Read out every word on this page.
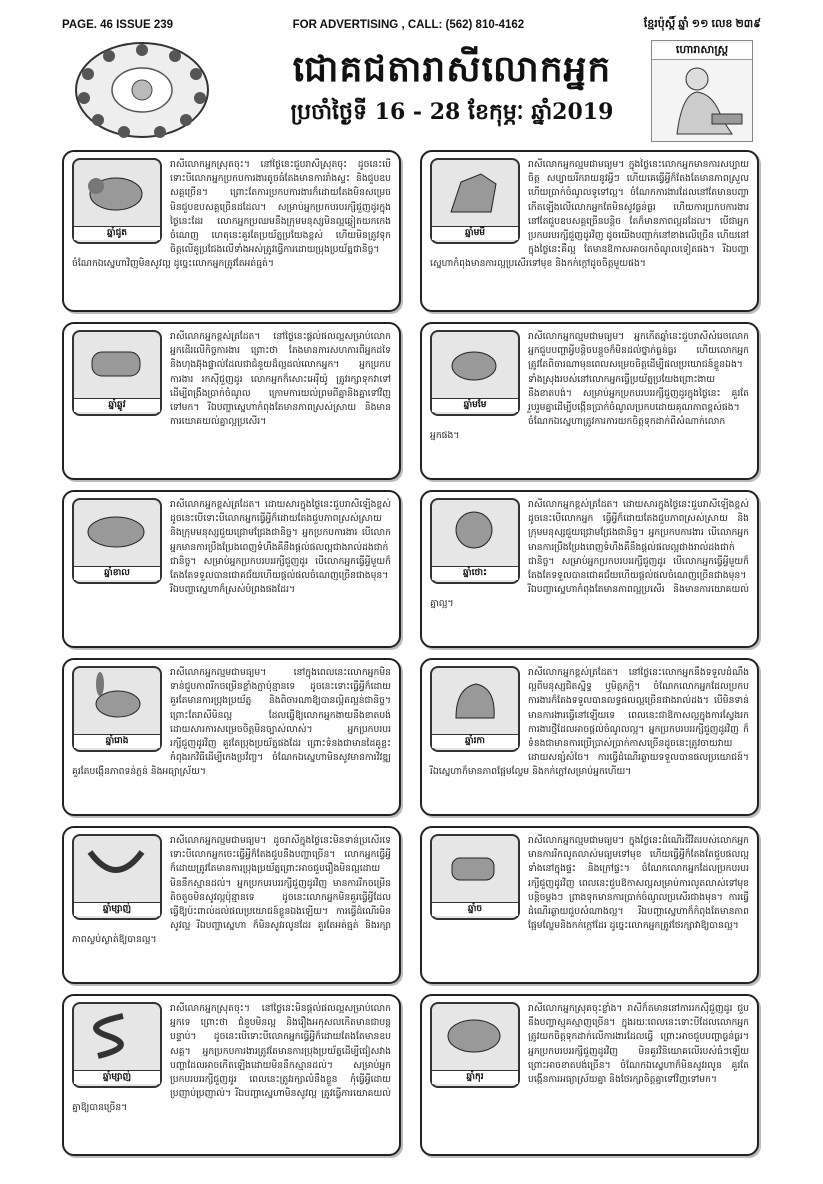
PAGE. 46 ISSUE 239	FOR ADVERTISING , CALL: (562) 810-4162	ខ្មែរប៉ុស្តិ៍ ឆ្នាំ ១១ លេខ ២៣៩
ជោគជតារាសីលោកអ្នក
ប្រចាំថ្ងៃទី 16 - 28 ខែកុម្ភៈ ឆ្នាំ2019
ហោរាសាស្ត្រ
ឆ្នាំជូត
រាសីលោកអ្នកស្រុតចុះ។ នៅថ្ងៃនេះជួបរាសីស្រុតចុះ ដូចនេះបើទោះបីលោកអ្នកប្រកបការងារតូចធំតែងមានការរាំងស្ទះ និងជួបឧបសគ្គច្រើន។ ព្រោះតែការប្រកបការងារក៏ដោយតែងមិនសម្រេច មិនជួបឧបសគ្គច្រើនដដែល។ សម្រាប់អ្នកប្រកបរបរក្សីជួញដូរក្នុងថ្ងៃនេះដែរ លោកអ្នកប្រឈមនឹងក្រុមមនុស្សមិនល្អឆ្លៀតយកកេងចំណេញ ហេតុនេះគួរតែប្រយ័ត្នប្រយែងខ្ពស់ ហើយមិនត្រូវទុកចិត្តលើគូប្រជែងលើទាំងអស់ត្រូវធ្វើការដោយប្រុងប្រយ័ត្នជានិច្ច។ ចំណែកឯស្នេហាវិញមិនសូវល្អ ដូច្នេះលោកអ្នកត្រូវតែអត់ធ្មត់។
ឆ្នាំមមី
រាសីលោកអ្នកល្មមជាមធ្យម។ ក្នុងថ្ងៃនេះលោកអ្នកមានការសប្បាយចិត្ត សប្បាយរីករាយនូវអ្វីៗ ហើយគេធ្វើអ្វីក៏តែងតែមានភាពស្រួលហើយប្រាក់ចំណូលទូទៅល្អ។ ចំណែកការងារដែលនៅតែមានបញ្ហាកើតឡើងលើលោកអ្នកតែមិនសូវធ្ងន់ធ្ងរ ហើយការប្រកបការងារនៅតែជួបឧបសគ្គច្រើនបន្តិច តែក៏មានភាពល្អដដែល។ បើជាអ្នកប្រកបរបរក្សីជួញដូរវិញ ដូចយើងបញ្ជាក់នៅខាងលើច្រើន ហើយនៅក្នុងថ្ងៃនេះគឺល្អ តែមានឱកាសអាចរកចំណូលទៀតផង។ រីឯបញ្ហាស្នេហាកំពុងមានការល្អប្រសើរទៅមុខ និងកក់ក្តៅដូចចិត្តមួយផង។
ឆ្នាំឆ្លូវ
រាសីលោកអ្នកខ្ពស់ត្រដែត។ នៅថ្ងៃនេះផ្តល់ផលល្អសម្រាប់លោកអ្នកដើរលើកិច្ចការងារ ព្រោះថា តែងមានការសហការពីអ្នកដទៃ និងហុងឆ៊ុងផ្ទាល់ដែលជាជំនួយដ៏ល្អដល់លោកអ្នក។ អ្នកប្រកបការងារ រកស៊ីជួញដូរ លោកអ្នកក៏សោះអេរ៉ីយ៉ូ ត្រូវរក្សាទុកវាទៅដើម្បីពង្រឹងប្រាក់ចំណូល ក្រោមការយល់ព្រមពីគ្នានិងគ្នាទៅវិញទៅមក។ រីឯបញ្ហាស្នេហាកំពុងតែមានភាពស្រស់ស្រាយ និងមានការយោគយល់គ្នាល្អប្រសើរ។
ឆ្នាំមមែ
រាសីលោកអ្នកល្មមជាមធ្យម។ អ្នកកើតឆ្នាំនេះជួបរាសីសំរេចលោកអ្នកជួបបញ្ហាអ្វីបន្តិចបន្តួចក៏មិនដល់ថ្នាក់ធ្ងន់ធ្ងរ ហើយលោកអ្នកត្រូវតែពិចារណាមុនពេលសម្រេចចិត្តដើម្បីផលប្រយោជន៍ខ្លួនឯង។ ទាំងស្រុងរបស់នៅលោកអ្នកធ្វើប្រយ័ត្នប្រយែងព្រោះងាយនឹងខាតបង់។ សម្រាប់អ្នកប្រកបរបររក្សីជួញដូរក្នុងថ្ងៃនេះ គួរតែរួបរួមគ្នាដើម្បីបង្កើនប្រាក់ចំណូលប្រកបដោយគុណភាពខ្ពស់ផង។ ចំណែកឯស្នេហាត្រូវការការយកចិត្តទុកដាក់ពីសំណាក់លោកអ្នកផង។
ឆ្នាំខាល
រាសីលោកអ្នកខ្ពស់ត្រដែត។ ដោយសារក្នុងថ្ងៃនេះជួបរាសីឡើងខ្ពស់ ដូចនេះបើទោះបីលោកអ្នកធ្វើអ្វីក៏ដោយតែងជួបភាពស្រស់ស្រាយ និងក្រុមមនុស្សជួយជ្រោមជ្រែងជានិច្ច។ អ្នកប្រកបការងារ បើលោកអ្នកមានការប្រឹងប្រែងពេញទំហឹងគឺនឹងផ្តល់ផលល្អជាងរាល់ដងជាក់ជានិច្ច។ សម្រាប់អ្នកប្រកបរបររក្សីជួញដូរ បើលោកអ្នកធ្វើអ្វីមួយក៏តែងតែទទួលបានជោគជ័យហើយផ្តល់ផលចំណេញច្រើនជាងមុន។ រីឯបញ្ហាស្នេហាក៏ស្រស់បំព្រងផងដែរ។
ឆ្នាំថោះ
រាសីលោកអ្នកខ្ពស់ត្រដែត។ ដោយសារក្នុងថ្ងៃនេះជួបរាសីឡើងខ្ពស់ដូចនេះបើលោកអ្នក ធ្វើអ្វីក៏ដោយតែងជួបភាពស្រស់ស្រាយ និងក្រុមមនុស្សជួយជ្រោមជ្រែងជានិច្ច។ អ្នកប្រកបការងារ បើលោកអ្នកមានការប្រឹងប្រែងពេញទំហឹងគឺនឹងផ្តល់ផលល្អជាងរាល់ដងជាក់ជានិច្ច។ សម្រាប់អ្នកប្រកបរបររក្សីជួញដូរ បើលោកអ្នកធ្វើអ្វីមួយក៏តែងតែទទួលបានជោគជ័យហើយផ្តល់ផលចំណេញច្រើនជាងមុន។ រីឯបញ្ហាស្នេហាកំពុងតែមានភាពល្អប្រសើរ និងមានការយោគយល់គ្នាល្អ។
ឆ្នាំរោង
រាសីលោកអ្នកល្មមជាមធ្យម។ នៅក្នុងពេលនេះលោកអ្នកមិនទាន់ជួបភាពរីកចម្រើនខ្លាំងក្លាប៉ុន្មានទេ ដូចនេះទោះធ្វើអ្វីក៏ដោយ គួរតែមានការប្រុងប្រយ័ត្ន និងពិចារណាឱ្យបានល្អិតល្អន់ជានិច្ច។ ព្រោះតែរាសីមិនល្អ ដែលធ្វើឱ្យលោកអ្នកងាយនឹងខាតបង់ ដោយសារការសម្រេចចិត្តមិនច្បាស់លាស់។ អ្នកប្រកបរបររក្សីជួញដូរវិញ គួរតែប្រុងប្រយ័ត្នផងដែរ ព្រោះទំនងជាមានដៃគូខ្លះកំពុងរកវិធីដើម្បីកេងប្រវ័ញ្ច។ ចំណែកឯស្នេហាមិនសូវមានការវិវឌ្ឍ គួរតែបង្កើនភាពទន់ភ្លន់ និងអធ្យាស្រ័យ។
ឆ្នាំរកា
រាសីលោកអ្នកខ្ពស់ត្រដែត។ នៅថ្ងៃនេះលោកអ្នកនឹងទទួលដំណឹងល្អពីមនុស្សជិតស្និទ្ធ ឬមិត្តភក្តិ។ ចំណែកលោកអ្នកដែលប្រកបការងារក៏តែងទទួលបានលទ្ធផលល្អច្រើនជាងរាល់ដង។ បើមិនទាន់មានការងារធ្វើនៅឡើយទេ ពេលនេះជាឱកាសល្អក្នុងការស្វែងរកការងារថ្មីដែលអាចផ្តល់ចំណូលល្អ។ អ្នកប្រកបរបររក្សីជួញដូរវិញ ក៏ទំនងជាមានការប្រើប្រាស់ប្រាក់កាសច្រើនដូចនេះត្រូវចាយវាយដោយសន្សំសំចៃ។ ការធ្វើដំណើរឆ្ងាយទទួលបានផលប្រយោជន៍។ រីឯស្នេហាក៏មានភាពផ្អែមល្ហែម និងកក់ក្តៅសម្រាប់អ្នកហើយ។
ឆ្នាំម្សាញ់
រាសីលោកអ្នកល្មមជាមធ្យម។ ដូចរាសីក្នុងថ្ងៃនេះមិនទាន់ប្រសើរទេ ទោះបីលោកអ្នកចេះធ្វើអ្វីក៏តែងជួបនឹងបញ្ហាច្រើន។ លោកអ្នកធ្វើអ្វីក៏ដោយត្រូវតែមានការប្រុងប្រយ័ត្នព្រោះអាចជួបរឿងមិនល្អដោយមិននឹកស្មានដល់។ អ្នកប្រកបរបររក្សីជួញដូរវិញ មានការរីកចម្រើនតិចតួចមិនសូវល្អប៉ុន្មានទេ ដូចនេះលោកអ្នកមិនគួរធ្វើអ្វីដែលធ្វើឱ្យប៉ះពាល់ដល់ផលប្រយោជន៍ខ្លួនឯងឡើយ។ ការធ្វើដំណើរមិនសូវល្អ រីឯបញ្ហាស្នេហា ក៏មិនសូវរលូនដែរ គួរតែអត់ធ្មត់ និងរក្សាភាពស្ងប់ស្ងាត់ឱ្យបានល្អ។
ឆ្នាំច
រាសីលោកអ្នកល្មមជាមធ្យម។ ក្នុងថ្ងៃនេះដំណើរជីវិតរបស់លោកអ្នកមានការរីកលូតលាស់មធ្យមទៅមុខ ហើយធ្វើអ្វីក៏តែងតែជួបផលល្អទាំងនៅក្នុងផ្ទះ និងក្រៅផ្ទះ។ ចំណែកលោកអ្នកដែលប្រកបរបររក្សីជួញដូរវិញ ពេលនេះជួបឱកាសល្អសម្រាប់ការលូតលាស់ទៅមុខបន្តិចម្តងៗ ព្រាងទុកមានការប្រាក់ចំណូលប្រសើរជាងមុន។ ការធ្វើដំណើរឆ្ងាយជួបសំណាងល្អ។ រីឯបញ្ហាស្នេហាក៏កំពុងតែមានភាពផ្អែមល្ហែមនិងកក់ក្តៅដែរ ដូច្នេះលោកអ្នកត្រូវថែរក្សាវាឱ្យបានល្អ។
ឆ្នាំម្សាញ់
រាសីលោកអ្នកស្រុតចុះ។ នៅថ្ងៃនេះមិនផ្តល់ផលល្អសម្រាប់លោកអ្នកទេ ព្រោះថា ជំនួបមិនល្អ និងរឿងអកុសលកើតមានជាបន្តបន្ទាប់។ ដូចនេះបើទោះបីលោកអ្នកធ្វើអ្វីក៏ដោយតែងតែមានឧបសគ្គ។ អ្នកប្រកបការងារត្រូវតែមានការប្រុងប្រយ័ត្នដើម្បីជៀសវាងបញ្ហាដែលអាចកើតឡើងដោយមិននឹកស្មានដល់។ សម្រាប់អ្នកប្រកបរបររក្សីជួញដូរ ពេលនេះត្រូវរក្សាលំនឹងខ្លួន កុំធ្វើអ្វីដោយប្រញាប់ប្រញាល់។ រីឯបញ្ហាស្នេហាមិនសូវល្អ ត្រូវធ្វើការយោគយល់គ្នាឱ្យបានច្រើន។
ឆ្នាំកុរ
រាសីលោកអ្នកស្រុតចុះខ្លាំង។ រាសីក៏តមាននៅការរកស៊ីជួញដូរ ជួបនឹងបញ្ហាស្មុគស្មាញច្រើន។ ក្នុងរយៈពេលនេះទោះបីដែលលោកអ្នកត្រូវយកចិត្តទុកដាក់លើការងារដែលធ្វើ ព្រោះអាចជួបបញ្ហាធ្ងន់ធ្ងរ។ អ្នកប្រកបរបររក្សីជួញដូរវិញ មិនគួរវិនិយោគលើរបស់ធំៗឡើយ ព្រោះអាចខាតបង់ច្រើន។ ចំណែកឯស្នេហាក៏មិនសូវរលូន គួរតែបង្កើនការអធ្យាស្រ័យគ្នា និងថែរក្សាចិត្តគ្នាទៅវិញទៅមក។
